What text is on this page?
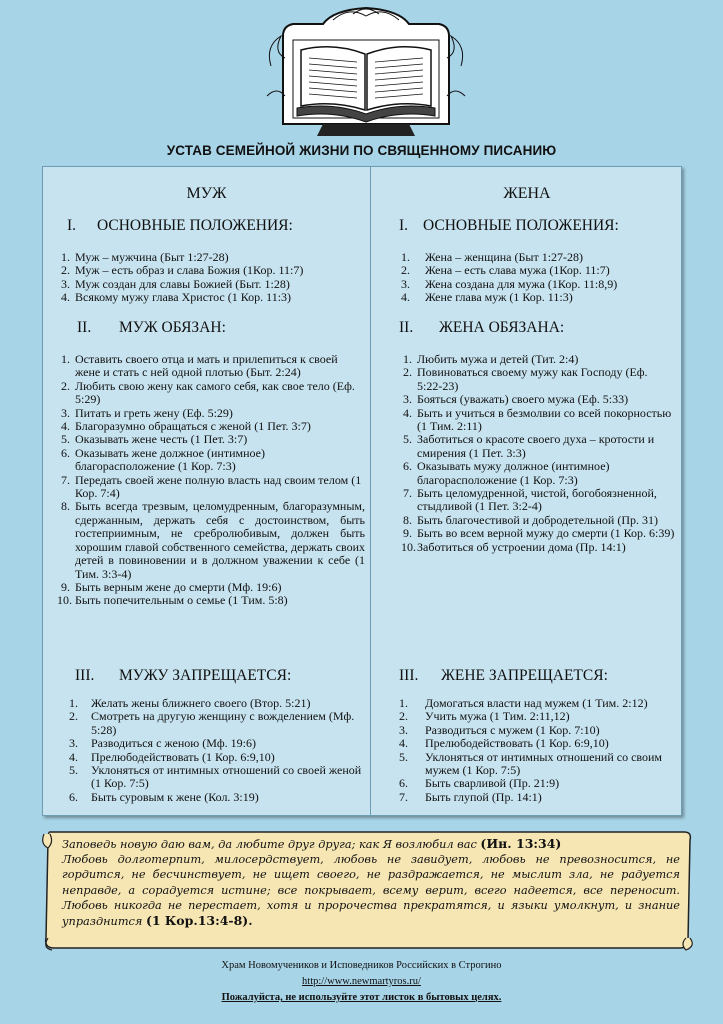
УСТАВ СЕМЕЙНОЙ ЖИЗНИ ПО СВЯЩЕННОМУ ПИСАНИЮ
МУЖ
I. ОСНОВНЫЕ ПОЛОЖЕНИЯ:
1. Муж – мужчина (Быт 1:27-28)
2. Муж – есть образ и слава Божия (1Кор. 11:7)
3. Муж создан для славы Божией (Быт. 1:28)
4. Всякому мужу глава Христос (1 Кор. 11:3)
II. МУЖ ОБЯЗАН:
1. Оставить своего отца и мать и прилепиться к своей жене и стать с ней одной плотью (Быт. 2:24)
2. Любить свою жену как самого себя, как свое тело (Еф. 5:29)
3. Питать и греть жену (Еф. 5:29)
4. Благоразумно обращаться с женой (1 Пет. 3:7)
5. Оказывать жене честь (1 Пет. 3:7)
6. Оказывать жене должное (интимное) благорасположение (1 Кор. 7:3)
7. Передать своей жене полную власть над своим телом (1 Кор. 7:4)
8. Быть всегда трезвым, целомудренным, благоразумным, сдержанным, держать себя с достоинством, быть гостеприимным, не сребролюбивым, должен быть хорошим главой собственного семейства, держать своих детей в повиновении и в должном уважении к себе (1 Тим. 3:3-4)
9. Быть верным жене до смерти (Мф. 19:6)
10. Быть попечительным о семье (1 Тим. 5:8)
III. МУЖУ ЗАПРЕЩАЕТСЯ:
1.	Желать жены ближнего своего (Втор. 5:21)
2.	Смотреть на другую женщину с вожделением (Мф. 5:28)
3.	Разводиться с женою (Мф. 19:6)
4.	Прелюбодействовать (1 Кор. 6:9,10)
5.	Уклоняться от интимных отношений со своей женой (1 Кор. 7:5)
6.	Быть суровым к жене (Кол. 3:19)
ЖЕНА
I. ОСНОВНЫЕ ПОЛОЖЕНИЯ:
1.	Жена – женщина (Быт 1:27-28)
2.	Жена – есть слава мужа (1Кор. 11:7)
3.	Жена создана для мужа (1Кор. 11:8,9)
4.	Жене глава муж (1 Кор. 11:3)
II. ЖЕНА ОБЯЗАНА:
1. Любить мужа и детей (Тит. 2:4)
2. Повиноваться своему мужу как Господу (Еф. 5:22-23)
3. Бояться (уважать) своего мужа (Еф. 5:33)
4. Быть и учиться в безмолвии со всей покорностью (1 Тим. 2:11)
5. Заботиться о красоте своего духа – кротости и смирения (1 Пет. 3:3)
6. Оказывать мужу должное (интимное) благорасположение (1 Кор. 7:3)
7. Быть целомудренной, чистой, богобоязненной, стыдливой (1 Пет. 3:2-4)
8. Быть благочестивой и добродетельной (Пр. 31)
9. Быть во всем верной мужу до смерти (1 Кор. 6:39)
10. Заботиться об устроении дома (Пр. 14:1)
III. ЖЕНЕ ЗАПРЕЩАЕТСЯ:
1.	Домогаться власти над мужем (1 Тим. 2:12)
2.	Учить мужа (1 Тим. 2:11,12)
3.	Разводиться с мужем (1 Кор. 7:10)
4.	Прелюбодействовать (1 Кор. 6:9,10)
5.	Уклоняться от интимных отношений со своим мужем (1 Кор. 7:5)
6.	Быть сварливой (Пр. 21:9)
7.	Быть глупой (Пр. 14:1)
Заповедь новую даю вам, да любите друг друга; как Я возлюбил вас (Ин. 13:34)
Любовь долготерпит, милосердствует, любовь не завидует, любовь не превозносится, не гордится, не бесчинствует, не ищет своего, не раздражается, не мыслит зла, не радуется неправде, а сорадуется истине; все покрывает, всему верит, всего надеется, все переносит. Любовь никогда не перестает, хотя и пророчества прекратятся, и языки умолкнут, и знание упразднится (1 Кор.13:4-8).
Храм Новомучеников и Исповедников Российских в Строгино
http://www.newmartyros.ru/
Пожалуйста, не используйте этот листок в бытовых целях.
